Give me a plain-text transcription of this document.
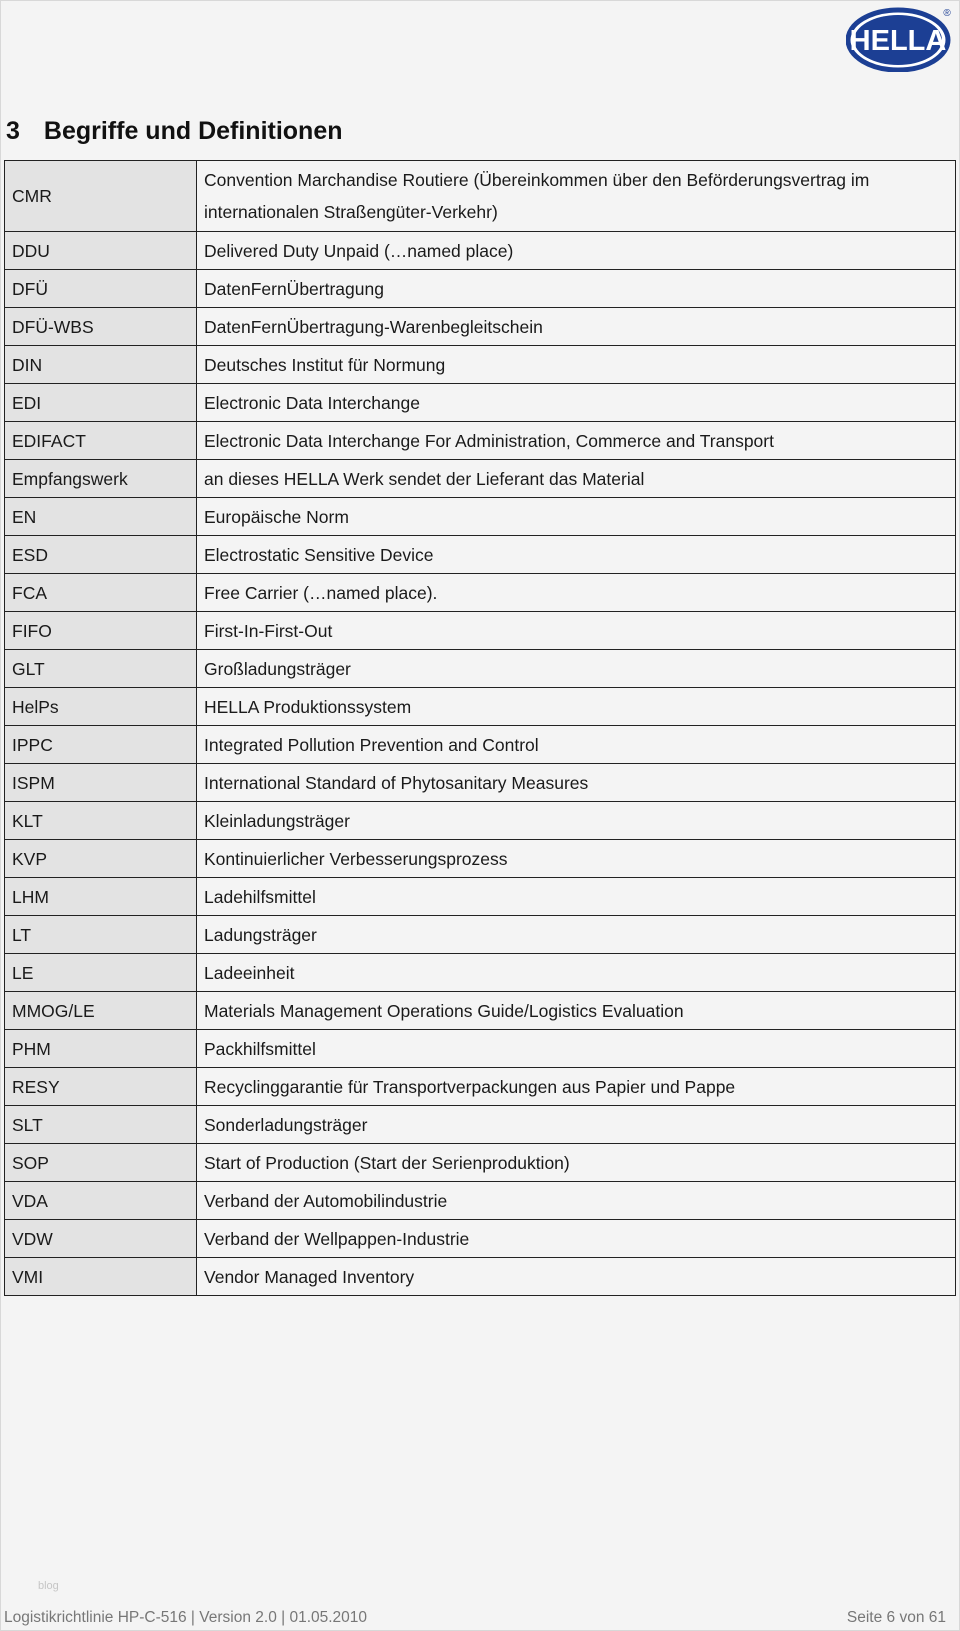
HELLA
®
3 Begriffe und Definitionen
CMR	Convention Marchandise Routiere (Übereinkommen über den Beförderungsvertrag im internationalen Straßengüter-Verkehr)
DDU	Delivered Duty Unpaid (…named place)
DFÜ	DatenFernÜbertragung
DFÜ-WBS	DatenFernÜbertragung-Warenbegleitschein
DIN	Deutsches Institut für Normung
EDI	Electronic Data Interchange
EDIFACT	Electronic Data Interchange For Administration, Commerce and Transport
Empfangswerk	an dieses HELLA Werk sendet der Lieferant das Material
EN	Europäische Norm
ESD	Electrostatic Sensitive Device
FCA	Free Carrier (…named place).
FIFO	First-In-First-Out
GLT	Großladungsträger
HelPs	HELLA Produktionssystem
IPPC	Integrated Pollution Prevention and Control
ISPM	International Standard of Phytosanitary Measures
KLT	Kleinladungsträger
KVP	Kontinuierlicher Verbesserungsprozess
LHM	Ladehilfsmittel
LT	Ladungsträger
LE	Ladeeinheit
MMOG/LE	Materials Management Operations Guide/Logistics Evaluation
PHM	Packhilfsmittel
RESY	Recyclinggarantie für Transportverpackungen aus Papier und Pappe
SLT	Sonderladungsträger
SOP	Start of Production (Start der Serienproduktion)
VDA	Verband der Automobilindustrie
VDW	Verband der Wellpappen-Industrie
VMI	Vendor Managed Inventory
blog
Logistikrichtlinie HP-C-516 | Version 2.0 | 01.05.2010	Seite 6 von 61
